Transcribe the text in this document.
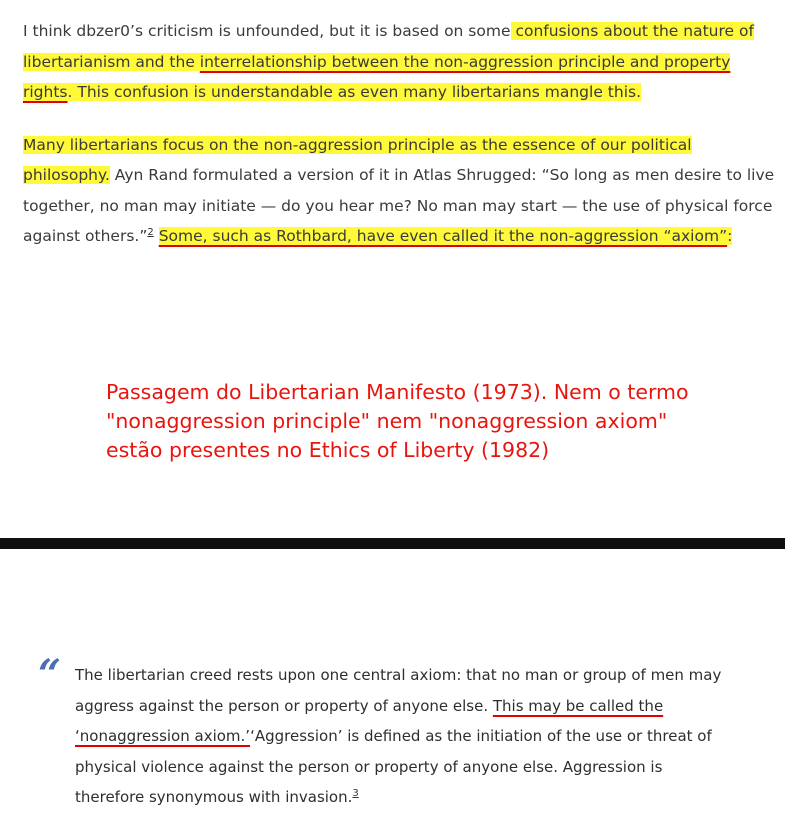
I think dbzer0’s criticism is unfounded, but it is based on some confusions about the nature of libertarianism and the interrelationship between the non-aggression principle and property rights. This confusion is understandable as even many libertarians mangle this.

Many libertarians focus on the non-aggression principle as the essence of our political philosophy. Ayn Rand formulated a version of it in Atlas Shrugged: “So long as men desire to live together, no man may initiate — do you hear me? No man may start — the use of physical force against others.”$^2$ Some, such as Rothbard, have even called it the non-aggression “axiom”:

Passagem do Libertarian Manifesto (1973). Nem o termo "nonaggression principle" nem "nonaggression axiom" estão presentes no Ethics of Liberty (1982)
“ The libertarian creed rests upon one central axiom: that no man or group of men may aggress against the person or property of anyone else. This may be called the ‘nonaggression axiom.’‘Aggression’ is defined as the initiation of the use or threat of physical violence against the person or property of anyone else. Aggression is therefore synonymous with invasion.$^3$
